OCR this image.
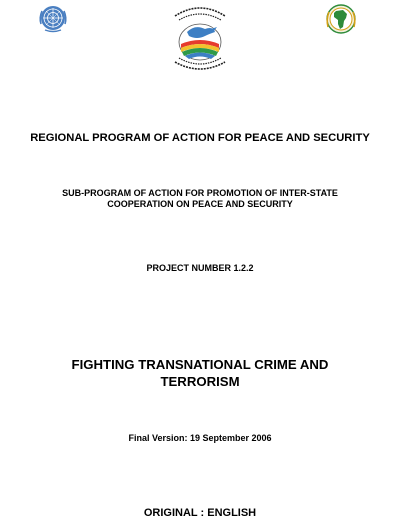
REGIONAL PROGRAM OF ACTION FOR PEACE AND SECURITY
SUB-PROGRAM OF ACTION FOR PROMOTION OF INTER-STATE
COOPERATION ON PEACE AND SECURITY
PROJECT NUMBER 1.2.2
FIGHTING TRANSNATIONAL CRIME AND
TERRORISM
Final Version: 19 September 2006
ORIGINAL : ENGLISH
